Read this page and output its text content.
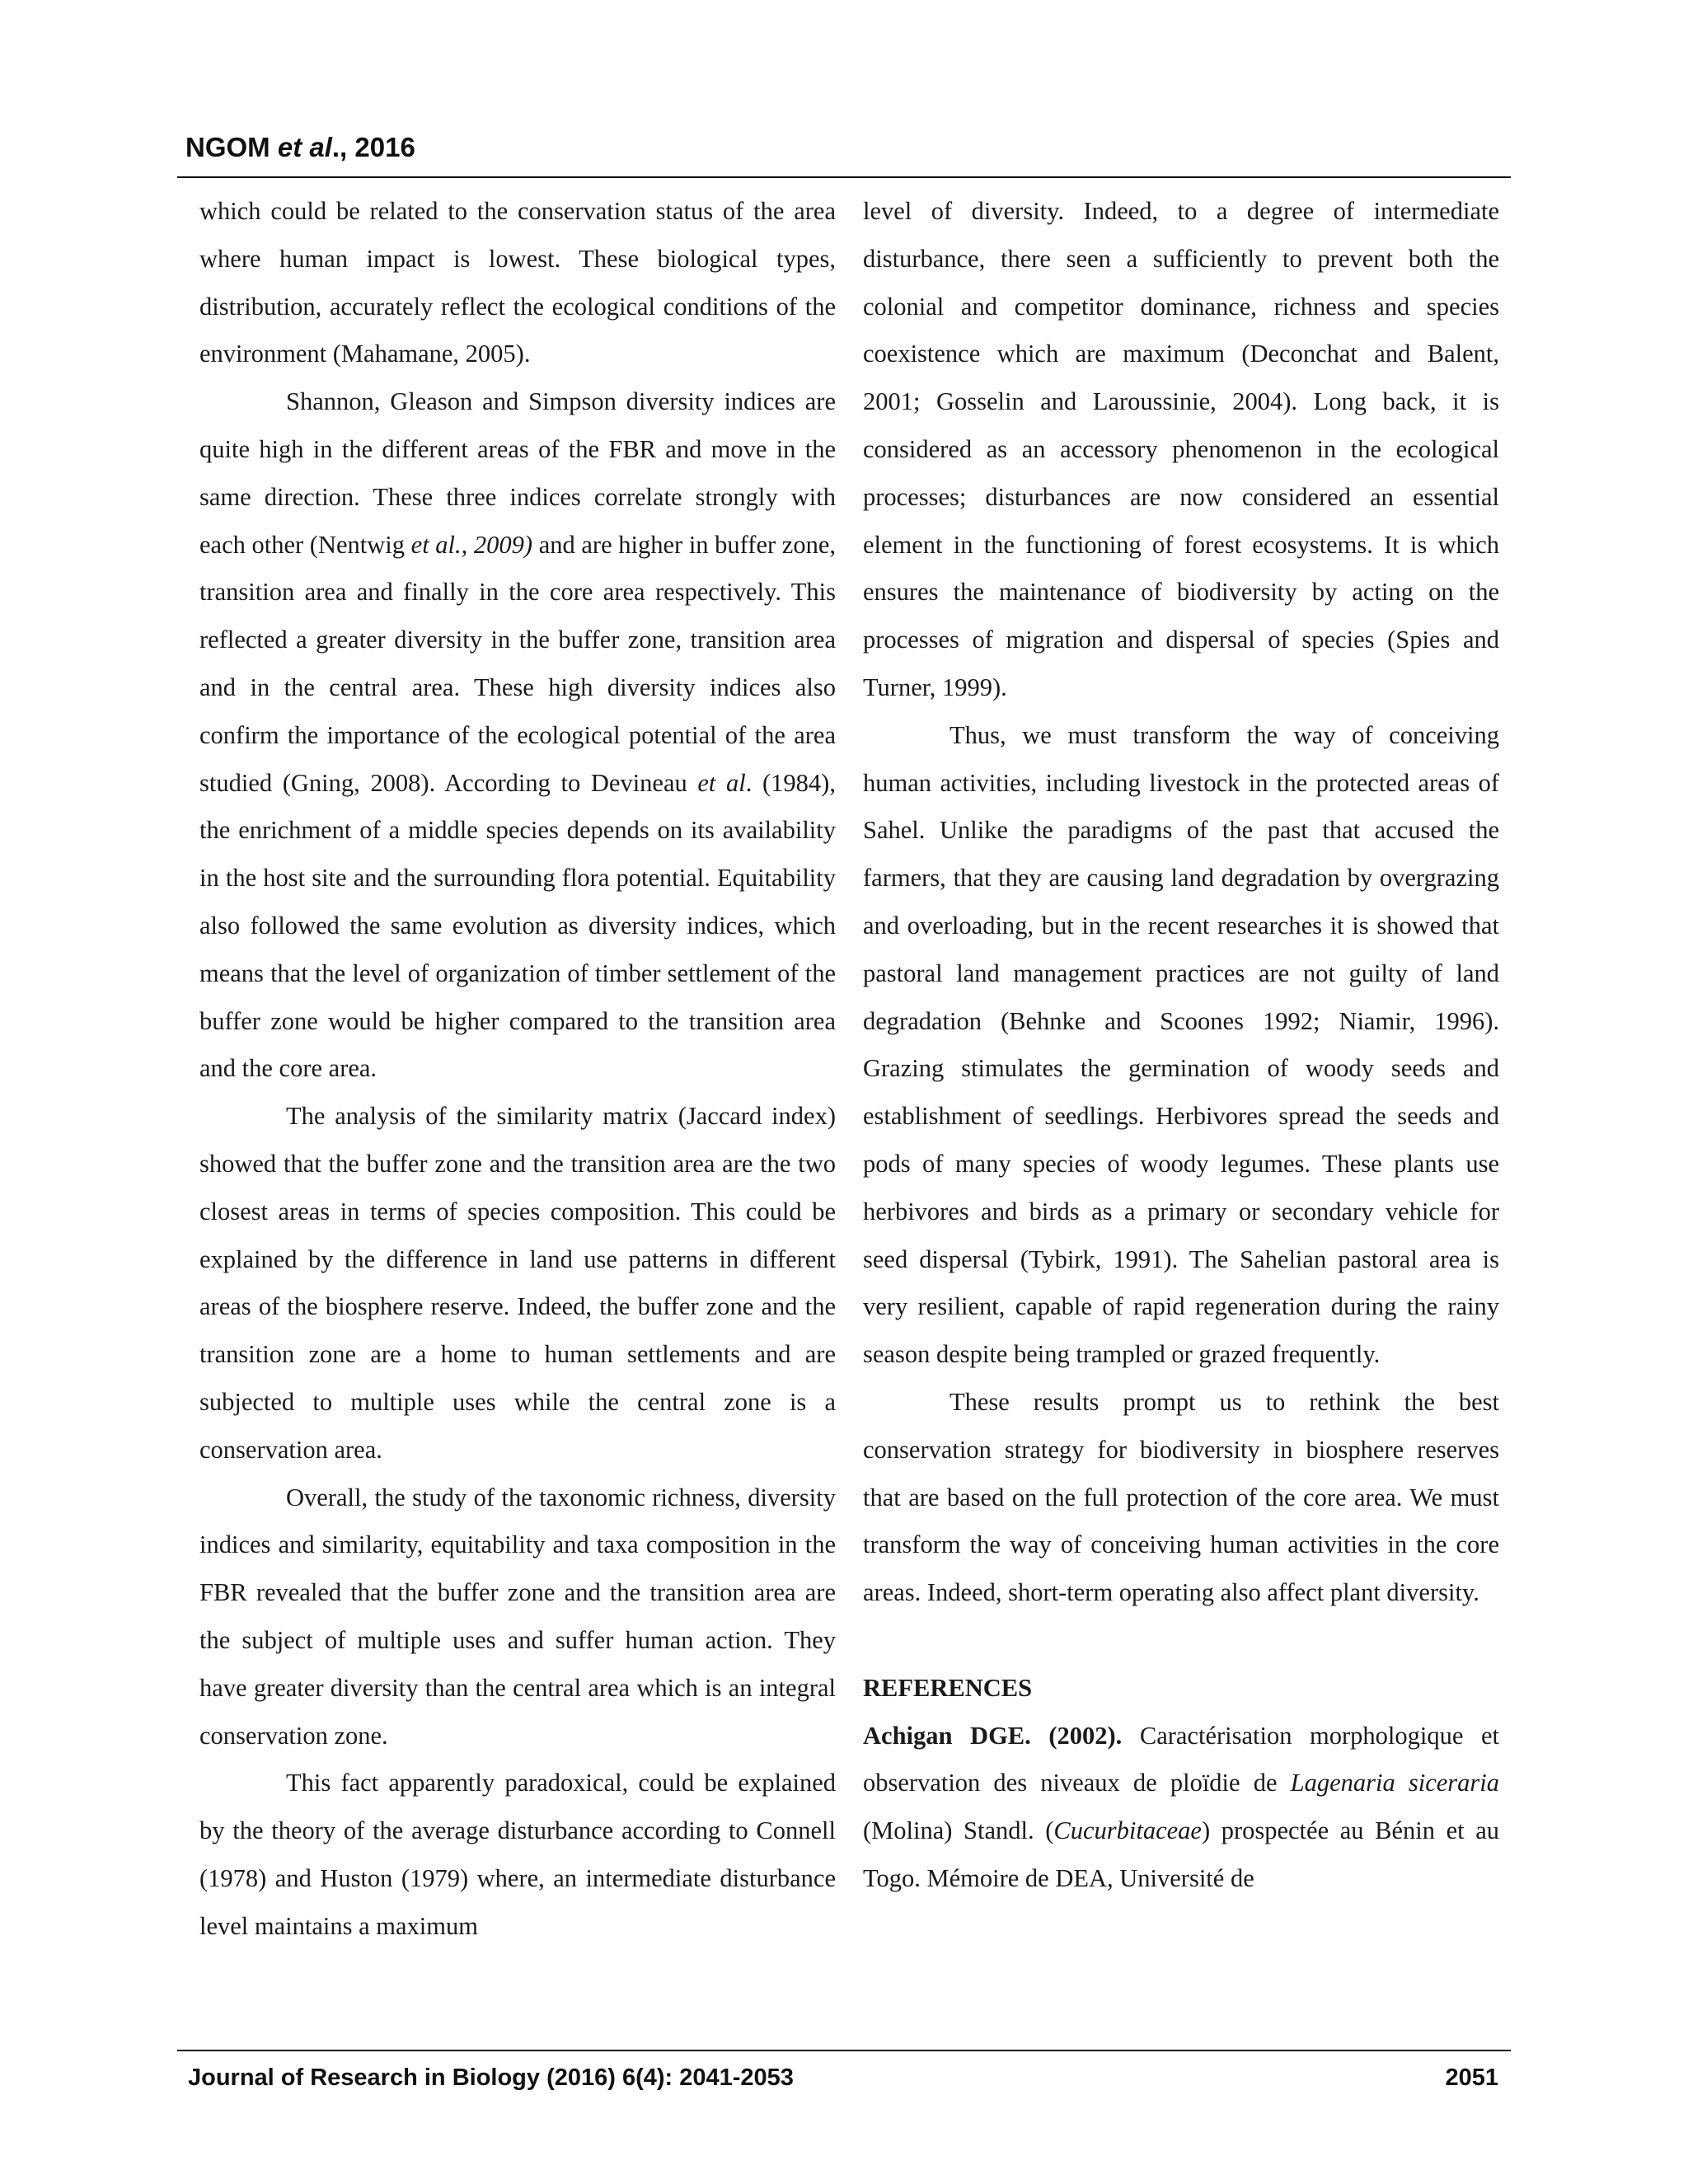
NGOM et al., 2016

which could be related to the conservation status of the area where human impact is lowest. These biological types, distribution, accurately reflect the ecological conditions of the environment (Mahamane, 2005).

Shannon, Gleason and Simpson diversity indices are quite high in the different areas of the FBR and move in the same direction. These three indices correlate strongly with each other (Nentwig et al., 2009) and are higher in buffer zone, transition area and finally in the core area respectively. This reflected a greater diversity in the buffer zone, transition area and in the central area. These high diversity indices also confirm the importance of the ecological potential of the area studied (Gning, 2008). According to Devineau et al. (1984), the enrichment of a middle species depends on its availability in the host site and the surrounding flora potential. Equitability also followed the same evolution as diversity indices, which means that the level of organization of timber settlement of the buffer zone would be higher compared to the transition area and the core area.

The analysis of the similarity matrix (Jaccard index) showed that the buffer zone and the transition area are the two closest areas in terms of species composition. This could be explained by the difference in land use patterns in different areas of the biosphere reserve. Indeed, the buffer zone and the transition zone are a home to human settlements and are subjected to multiple uses while the central zone is a conservation area.

Overall, the study of the taxonomic richness, diversity indices and similarity, equitability and taxa composition in the FBR revealed that the buffer zone and the transition area are the subject of multiple uses and suffer human action. They have greater diversity than the central area which is an integral conservation zone.

This fact apparently paradoxical, could be explained by the theory of the average disturbance according to Connell (1978) and Huston (1979) where, an intermediate disturbance level maintains a maximum

level of diversity. Indeed, to a degree of intermediate disturbance, there seen a sufficiently to prevent both the colonial and competitor dominance, richness and species coexistence which are maximum (Deconchat and Balent, 2001; Gosselin and Laroussinie, 2004). Long back, it is considered as an accessory phenomenon in the ecological processes; disturbances are now considered an essential element in the functioning of forest ecosystems. It is which ensures the maintenance of biodiversity by acting on the processes of migration and dispersal of species (Spies and Turner, 1999).

Thus, we must transform the way of conceiving human activities, including livestock in the protected areas of Sahel. Unlike the paradigms of the past that accused the farmers, that they are causing land degradation by overgrazing and overloading, but in the recent researches it is showed that pastoral land management practices are not guilty of land degradation (Behnke and Scoones 1992; Niamir, 1996). Grazing stimulates the germination of woody seeds and establishment of seedlings. Herbivores spread the seeds and pods of many species of woody legumes. These plants use herbivores and birds as a primary or secondary vehicle for seed dispersal (Tybirk, 1991). The Sahelian pastoral area is very resilient, capable of rapid regeneration during the rainy season despite being trampled or grazed frequently.

These results prompt us to rethink the best conservation strategy for biodiversity in biosphere reserves that are based on the full protection of the core area. We must transform the way of conceiving human activities in the core areas. Indeed, short-term operating also affect plant diversity.

REFERENCES

Achigan DGE. (2002). Caractérisation morphologique et observation des niveaux de ploïdie de Lagenaria siceraria (Molina) Standl. (Cucurbitaceae) prospectée au Bénin et au Togo. Mémoire de DEA, Université de

Journal of Research in Biology (2016) 6(4): 2041-2053	2051
